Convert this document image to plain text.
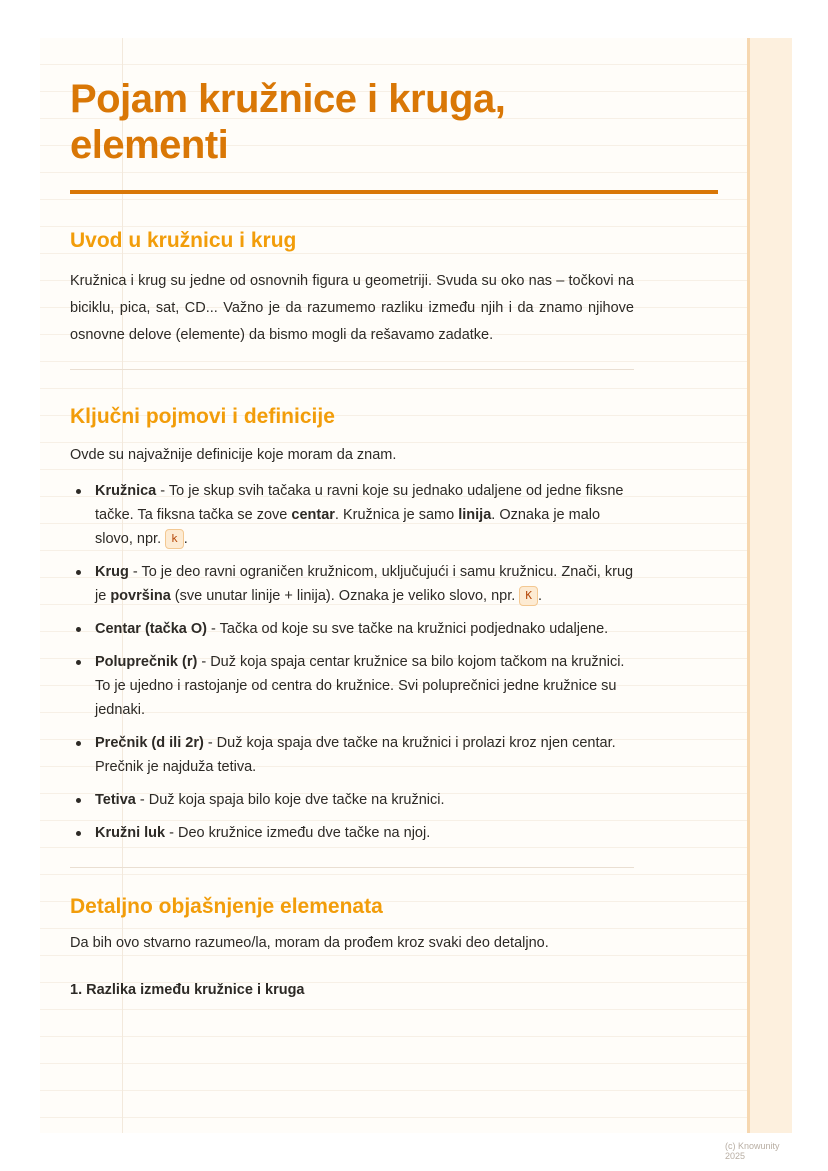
Pojam kružnice i kruga, elementi
Uvod u kružnicu i krug

Kružnica i krug su jedne od osnovnih figura u geometriji. Svuda su oko nas – točkovi na biciklu, pica, sat, CD... Važno je da razumemo razliku između njih i da znamo njihove osnovne delove (elemente) da bismo mogli da rešavamo zadatke.

Ključni pojmovi i definicije

Ovde su najvažnije definicije koje moram da znam.

Kružnica - To je skup svih tačaka u ravni koje su jednako udaljene od jedne fiksne tačke. Ta fiksna tačka se zove centar. Kružnica je samo linija. Oznaka je malo slovo, npr. k .
Krug - To je deo ravni ograničen kružnicom, uključujući i samu kružnicu. Znači, krug je površina (sve unutar linije + linija). Oznaka je veliko slovo, npr. K .
Centar (tačka O) - Tačka od koje su sve tačke na kružnici podjednako udaljene.
Poluprečnik (r) - Duž koja spaja centar kružnice sa bilo kojom tačkom na kružnici. To je ujedno i rastojanje od centra do kružnice. Svi poluprečnici jedne kružnice su jednaki.
Prečnik (d ili 2r) - Duž koja spaja dve tačke na kružnici i prolazi kroz njen centar. Prečnik je najduža tetiva.
Tetiva - Duž koja spaja bilo koje dve tačke na kružnici.
Kružni luk - Deo kružnice između dve tačke na njoj.
Detaljno objašnjenje elemenata

Da bih ovo stvarno razumeo/la, moram da prođem kroz svaki deo detaljno.

1. Razlika između kružnice i kruga

(c) Knowunity 2025
